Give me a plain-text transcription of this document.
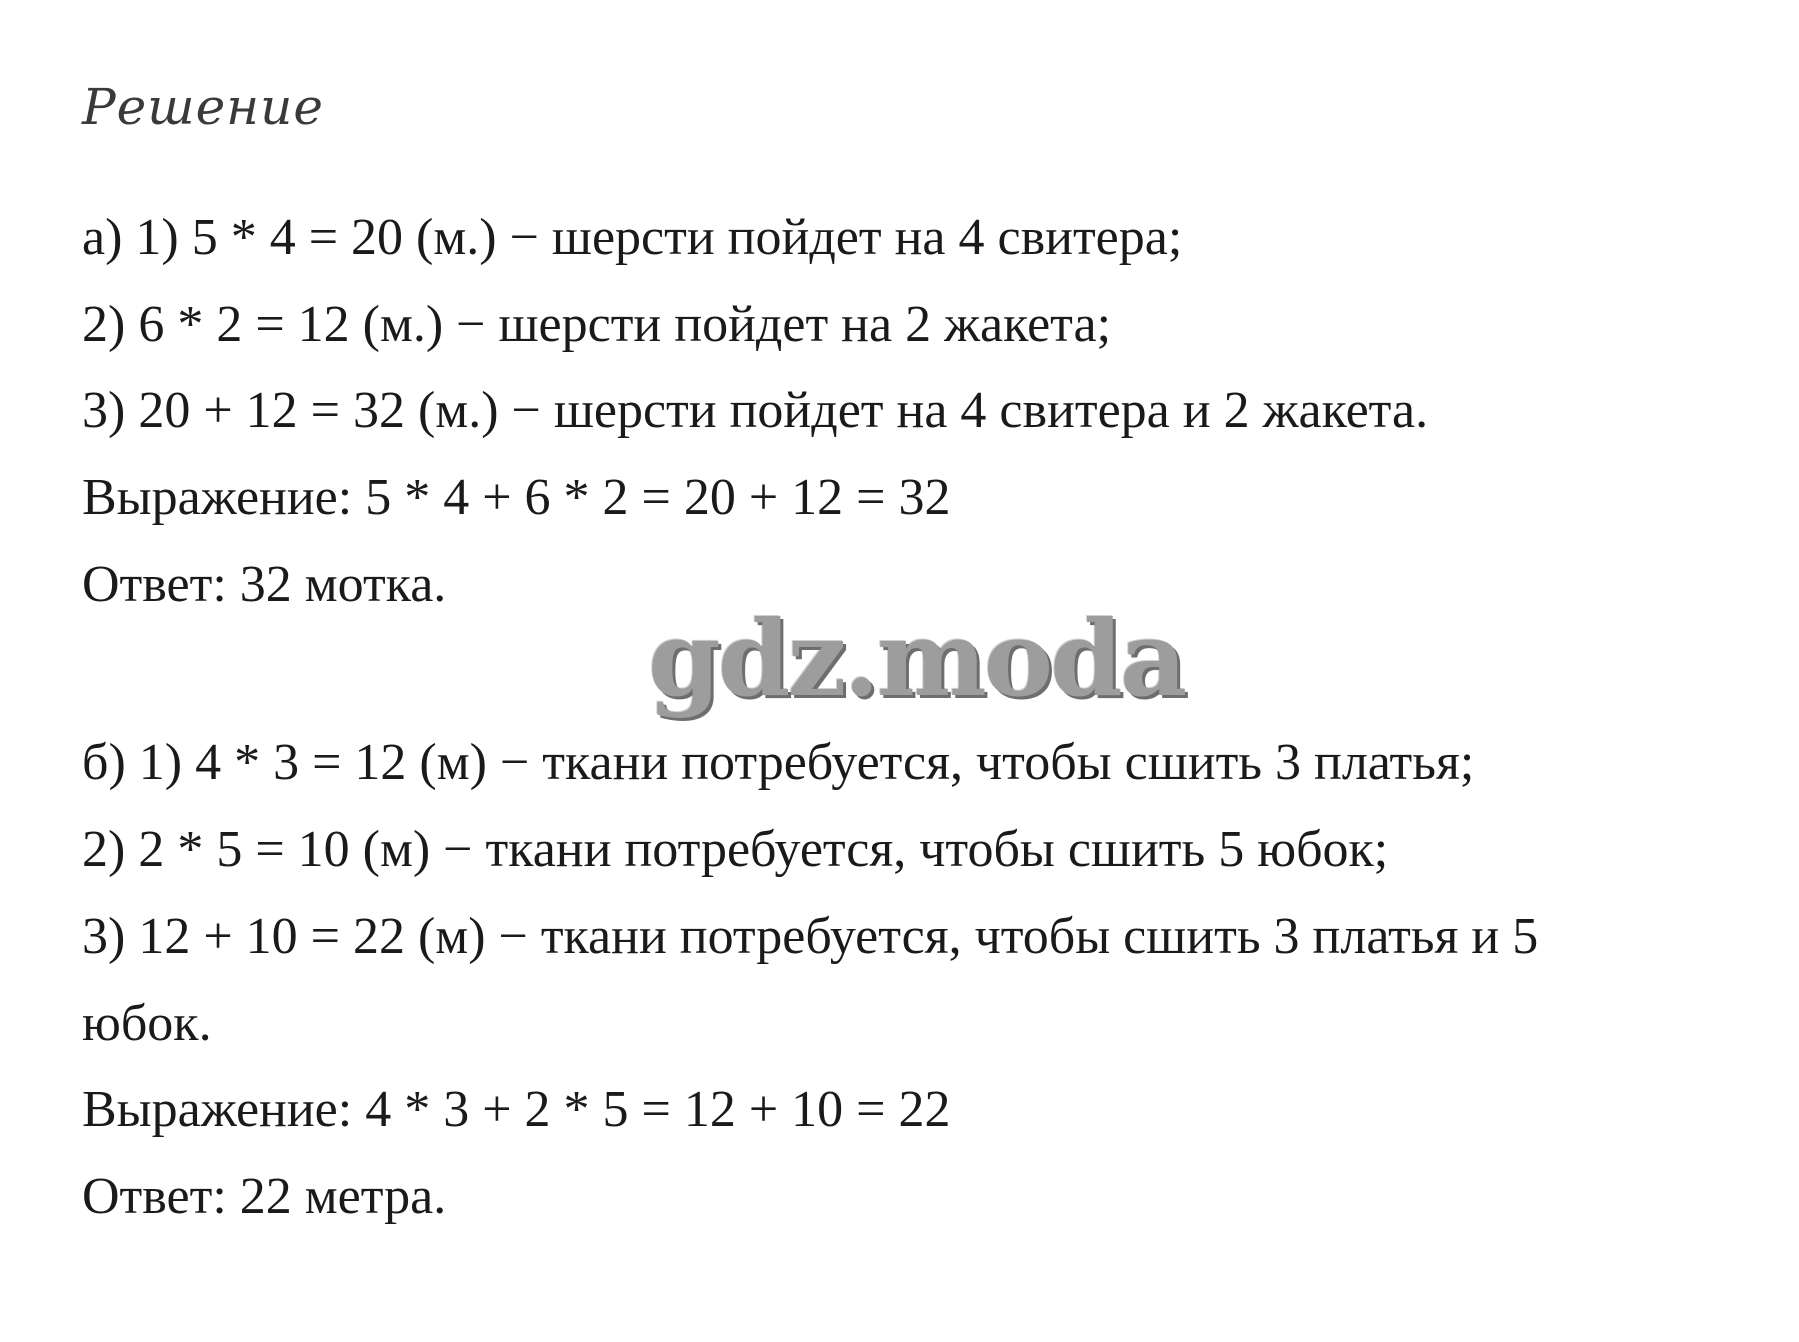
Решение

а) 1) 5 * 4 = 20 (м.) − шерсти пойдет на 4 свитера;

2) 6 * 2 = 12 (м.) − шерсти пойдет на 2 жакета;

3) 20 + 12 = 32 (м.) − шерсти пойдет на 4 свитера и 2 жакета.

Выражение: 5 * 4 + 6 * 2 = 20 + 12 = 32

Ответ: 32 мотка.

gdz.moda

б) 1) 4 * 3 = 12 (м) − ткани потребуется, чтобы сшить 3 платья;

2) 2 * 5 = 10 (м) − ткани потребуется, чтобы сшить 5 юбок;

3) 12 + 10 = 22 (м) − ткани потребуется, чтобы сшить 3 платья и 5

юбок.

Выражение: 4 * 3 + 2 * 5 = 12 + 10 = 22

Ответ: 22 метра.
